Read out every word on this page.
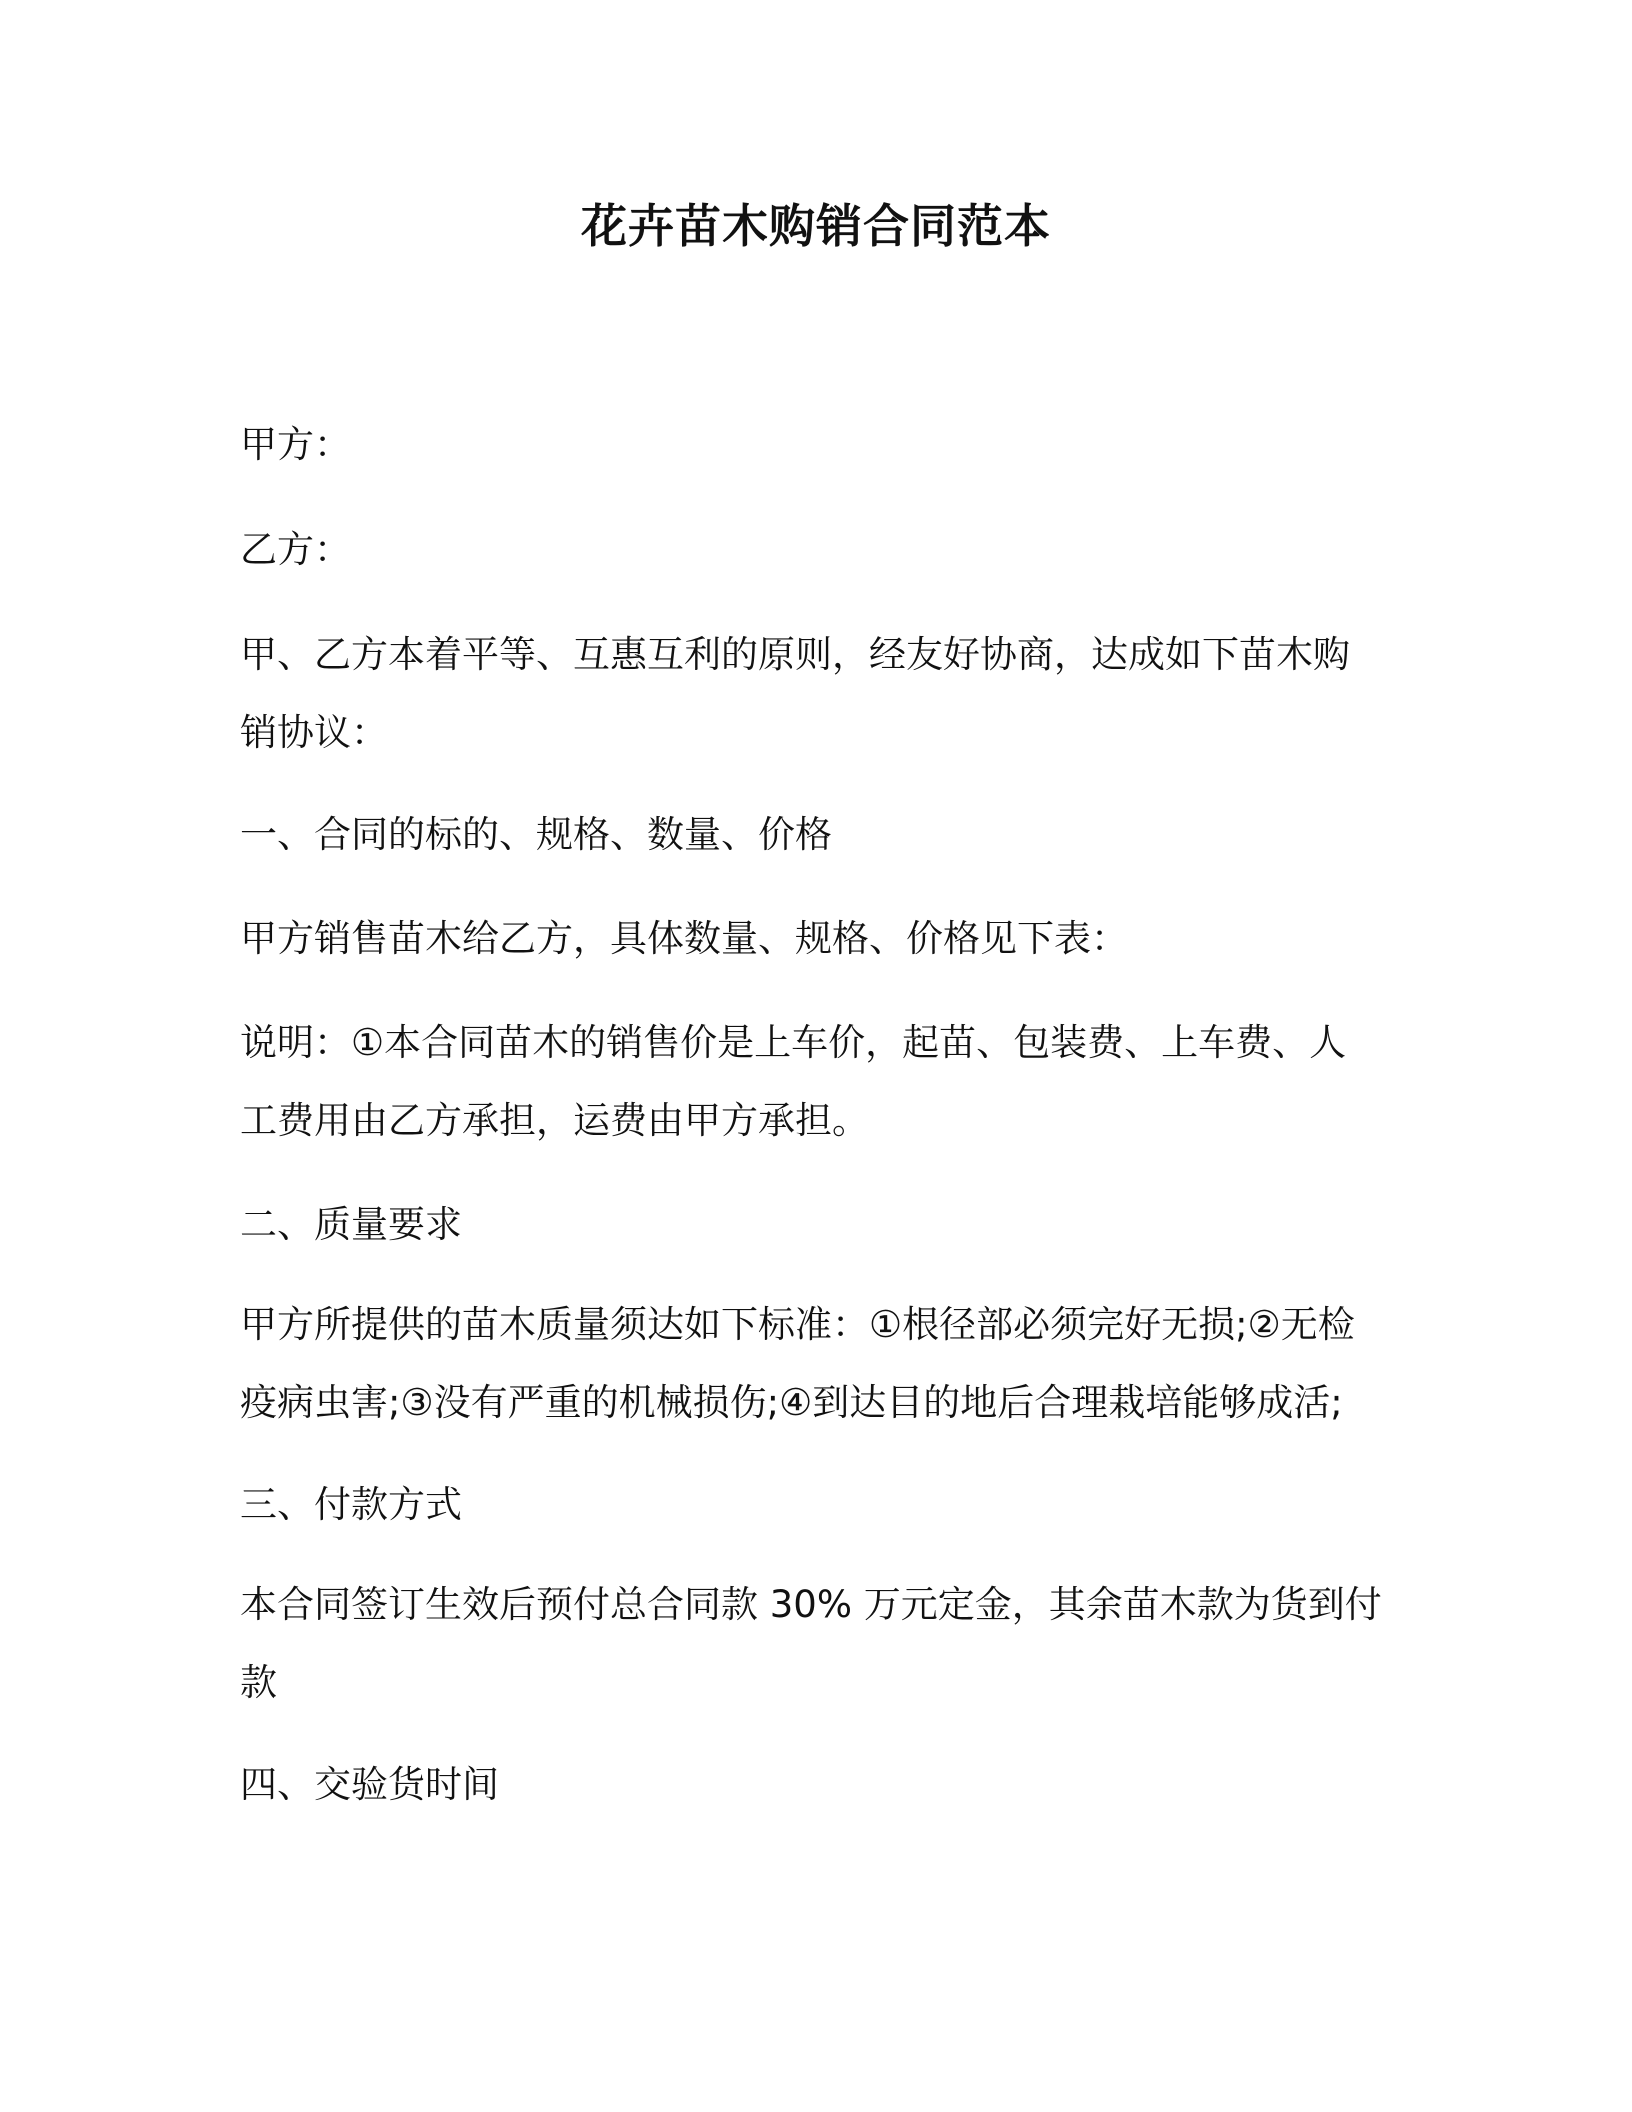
花卉苗木购销合同范本
甲方：
乙方：
甲、乙方本着平等、互惠互利的原则，经友好协商，达成如下苗木购
销协议：
一、合同的标的、规格、数量、价格
甲方销售苗木给乙方，具体数量、规格、价格见下表：
说明：①本合同苗木的销售价是上车价，起苗、包装费、上车费、人
工费用由乙方承担，运费由甲方承担。
二、质量要求
甲方所提供的苗木质量须达如下标准：①根径部必须完好无损;②无检
疫病虫害;③没有严重的机械损伤;④到达目的地后合理栽培能够成活;
三、付款方式
本合同签订生效后预付总合同款 30% 万元定金，其余苗木款为货到付
款
四、交验货时间
